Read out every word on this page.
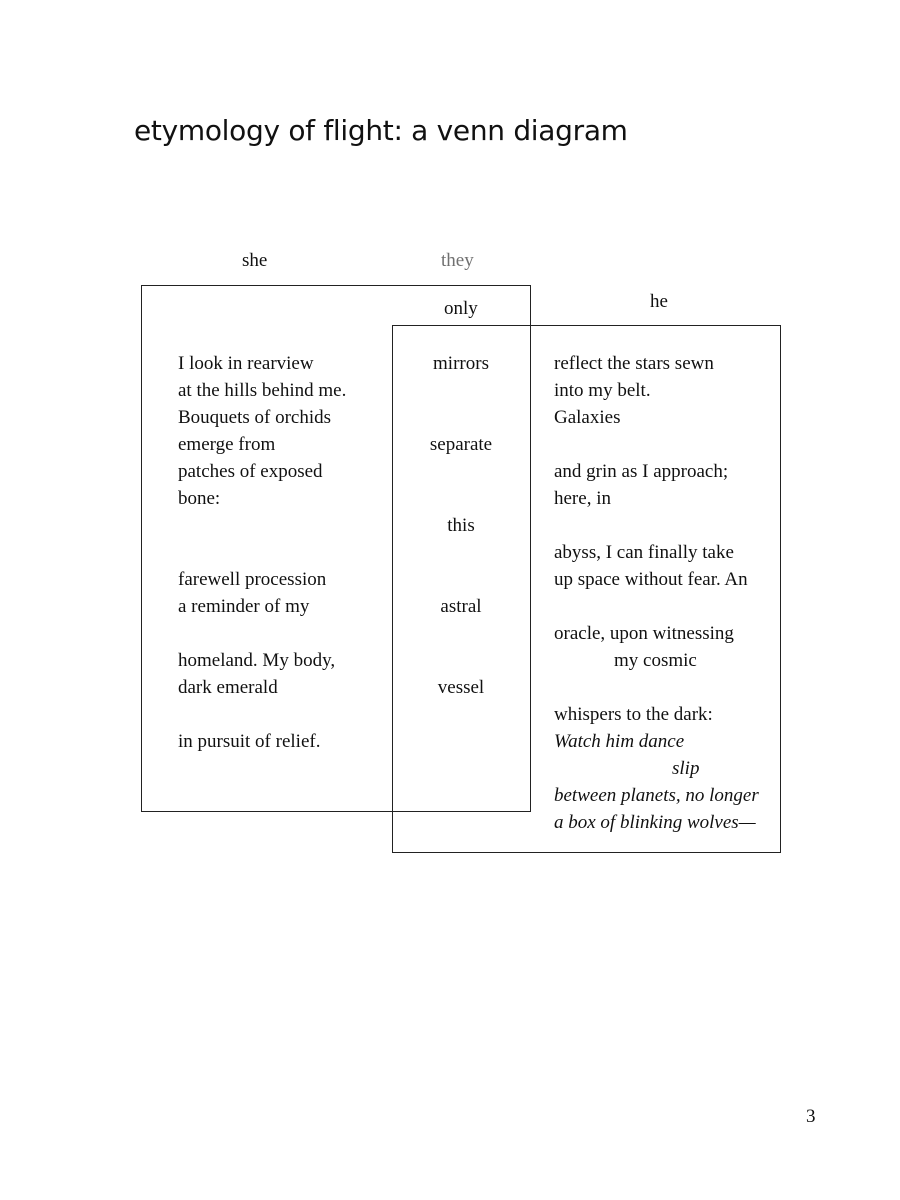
etymology of flight: a venn diagram
she	they
he
only
I look in rearview
at the hills behind me.
Bouquets of orchids
emerge from
patches of exposed
bone:
farewell procession
a reminder of my
homeland. My body,
dark emerald
in pursuit of relief.
mirrors
separate
this
astral
vessel
reflect the stars sewn
into my belt.
Galaxies
and grin as I approach;
here, in
abyss, I can finally take
up space without fear. An
oracle, upon witnessing
my cosmic
whispers to the dark:
Watch him dance
slip
between planets, no longer
a box of blinking wolves—
3
